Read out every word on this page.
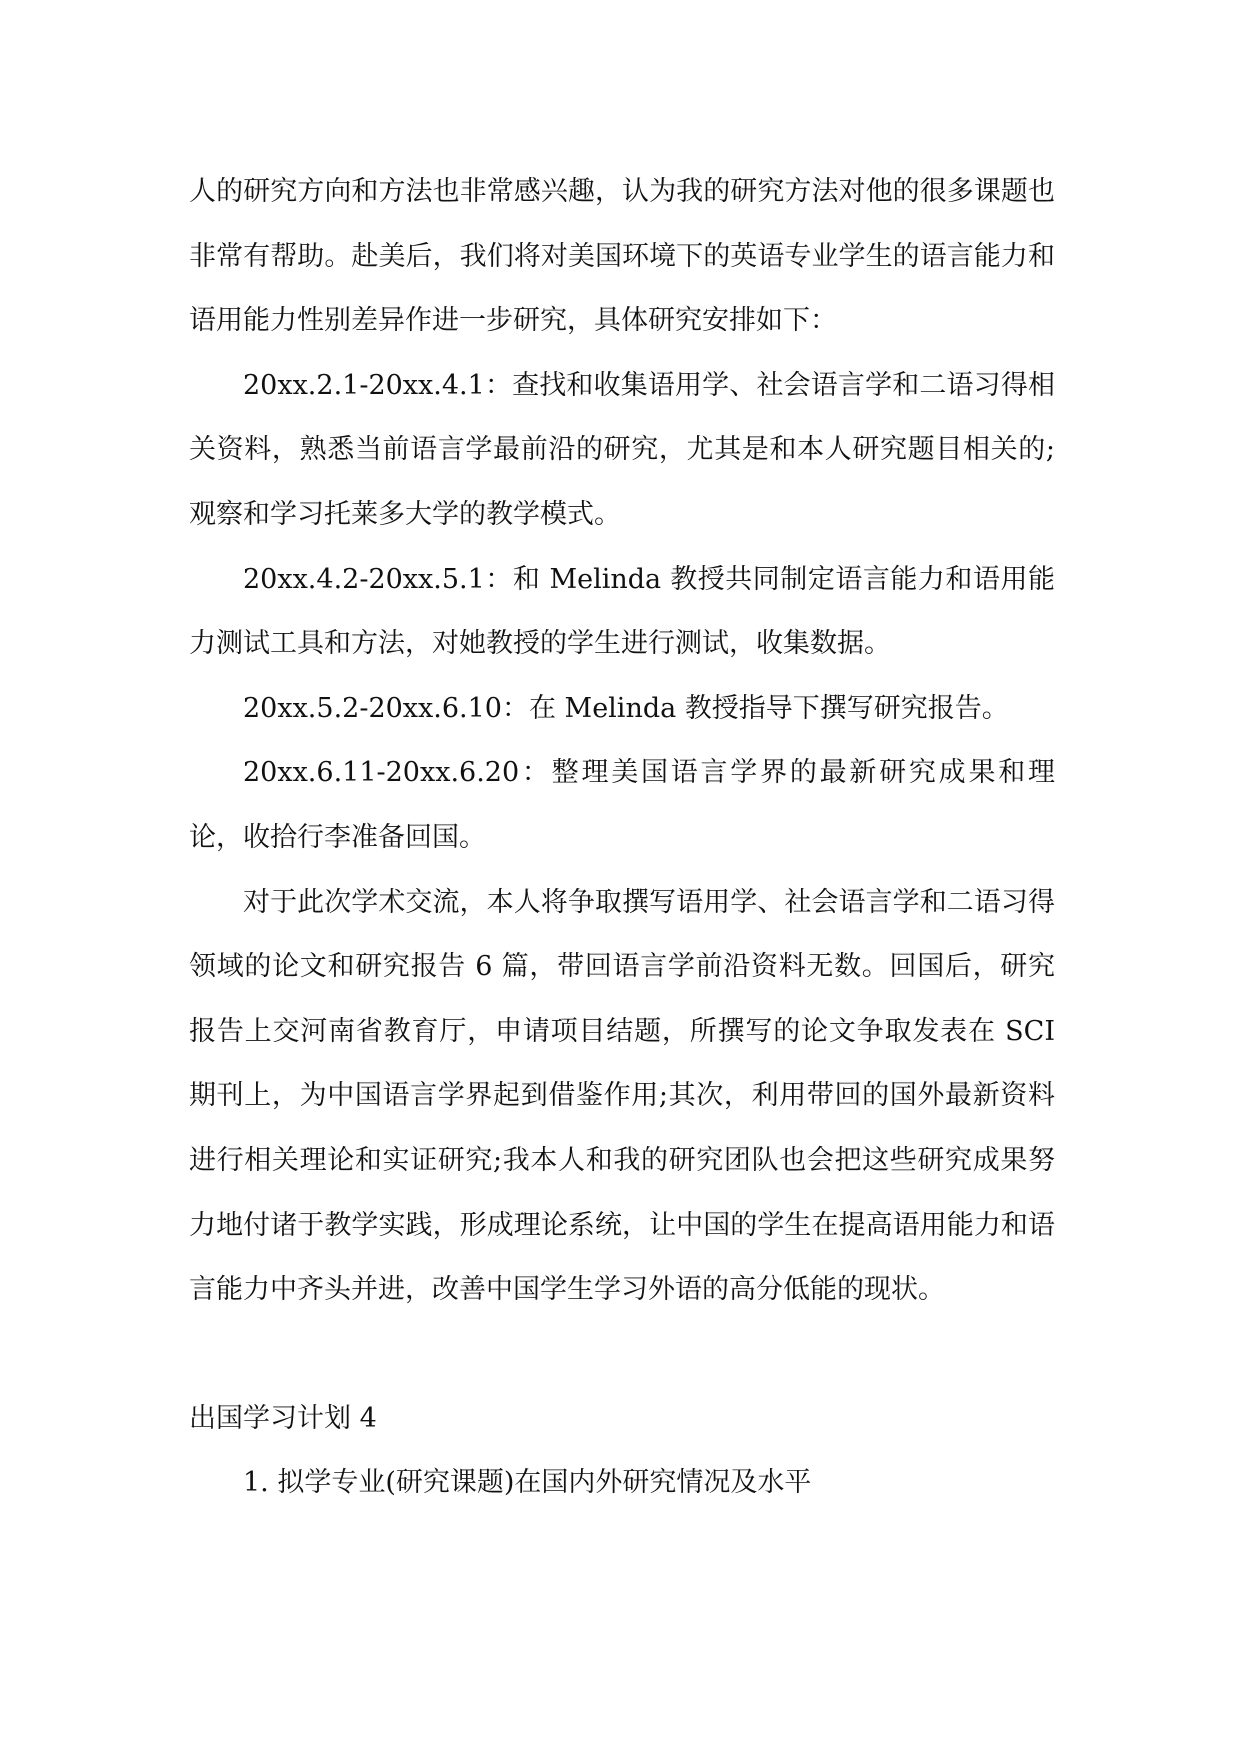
人的研究方向和方法也非常感兴趣，认为我的研究方法对他的很多课题也非常有帮助。赴美后，我们将对美国环境下的英语专业学生的语言能力和语用能力性别差异作进一步研究，具体研究安排如下：

20xx.2.1-20xx.4.1：查找和收集语用学、社会语言学和二语习得相关资料，熟悉当前语言学最前沿的研究，尤其是和本人研究题目相关的;观察和学习托莱多大学的教学模式。

20xx.4.2-20xx.5.1：和 Melinda 教授共同制定语言能力和语用能力测试工具和方法，对她教授的学生进行测试，收集数据。

20xx.5.2-20xx.6.10：在 Melinda 教授指导下撰写研究报告。

20xx.6.11-20xx.6.20：整理美国语言学界的最新研究成果和理论，收拾行李准备回国。

对于此次学术交流，本人将争取撰写语用学、社会语言学和二语习得领域的论文和研究报告 6 篇，带回语言学前沿资料无数。回国后，研究报告上交河南省教育厅，申请项目结题，所撰写的论文争取发表在 SCI 期刊上，为中国语言学界起到借鉴作用;其次，利用带回的国外最新资料进行相关理论和实证研究;我本人和我的研究团队也会把这些研究成果努力地付诸于教学实践，形成理论系统，让中国的学生在提高语用能力和语言能力中齐头并进，改善中国学生学习外语的高分低能的现状。

出国学习计划 4

1. 拟学专业(研究课题)在国内外研究情况及水平
